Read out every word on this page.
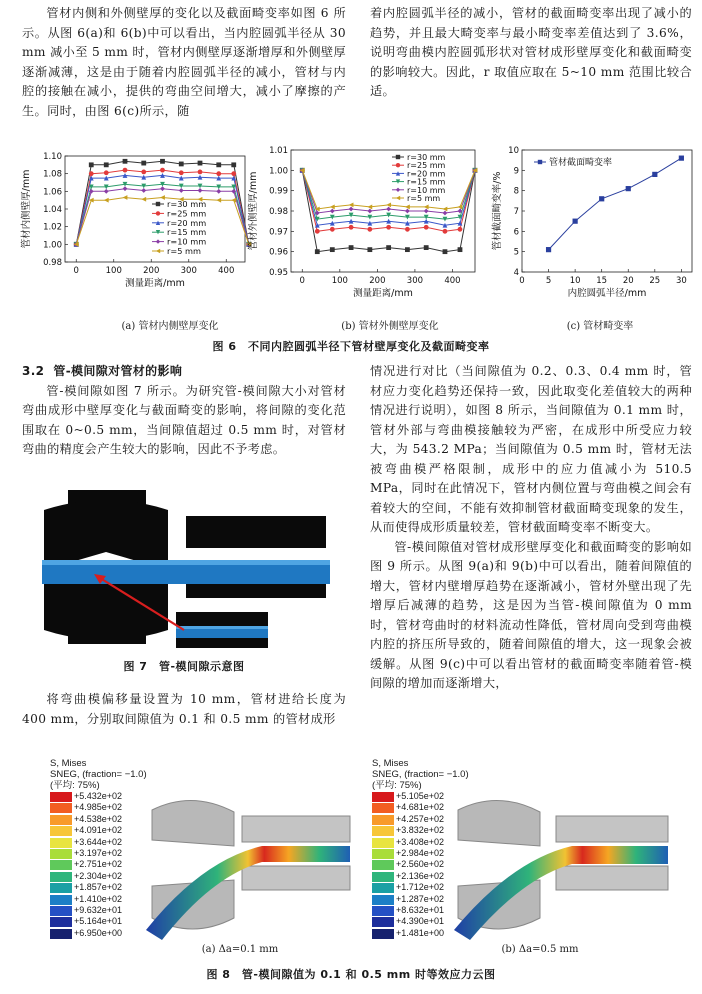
管材内侧和外侧壁厚的变化以及截面畸变率如图 6 所示。从图 6(a)和 6(b)中可以看出，当内腔圆弧半径从 30 mm 减小至 5 mm 时，管材内侧壁厚逐渐增厚和外侧壁厚逐渐减薄，这是由于随着内腔圆弧半径的减小，管材与内腔的接触在减小，提供的弯曲空间增大，减小了摩擦的产生。同时，由图 6(c)所示，随

着内腔圆弧半径的减小，管材的截面畸变率出现了减小的趋势，并且最大畸变率与最小畸变率差值达到了 3.6%，说明弯曲模内腔圆弧形状对管材成形壁厚变化和截面畸变的影响较大。因此，r 取值应取在 5~10 mm 范围比较合适。

0.98
1.00
1.02
1.04
1.06
1.08
1.10
0	100	200	300	400
测量距离/mm
管材内侧壁厚/mm	r=30 mm
r=25 mm
r=20 mm
r=15 mm
r=10 mm
r=5 mm
0.95
0.96
0.97
0.98
0.99
1.00
1.01
0	100	200	300	400
测量距离/mm
管材外侧壁厚/mm
r=30 mm
r=25 mm
r=20 mm
r=15 mm
r=10 mm
r=5 mm
4
5
6
7
8
9
10
0 5 10 15 20 25 30
内腔圆弧半径/mm
管材截面畸变率/%
管材截面畸变率
(a) 管材内侧壁厚变化	(b) 管材外侧壁厚变化	(c) 管材畸变率
图 6　不同内腔圆弧半径下管材壁厚变化及截面畸变率

3.2 管-模间隙对管材的影响

管-模间隙如图 7 所示。为研究管-模间隙大小对管材弯曲成形中壁厚变化与截面畸变的影响，将间隙的变化范围取在 0~0.5 mm，当间隙值超过 0.5 mm 时，对管材弯曲的精度会产生较大的影响，因此不予考虑。

图 7　管-模间隙示意图

将弯曲模偏移量设置为 10 mm，管材进给长度为 400 mm，分别取间隙值为 0.1 和 0.5 mm 的管材成形

情况进行对比（当间隙值为 0.2、0.3、0.4 mm 时，管材应力变化趋势还保持一致，因此取变化差值较大的两种情况进行说明），如图 8 所示，当间隙值为 0.1 mm 时，管材外部与弯曲模接触较为严密，在成形中所受应力较大，为 543.2 MPa；当间隙值为 0.5 mm 时，管材无法被弯曲模严格限制，成形中的应力值减小为 510.5 MPa，同时在此情况下，管材内侧位置与弯曲模之间会有着较大的空间，不能有效抑制管材截面畸变现象的发生，从而使得成形质量较差，管材截面畸变率不断变大。

管-模间隙值对管材成形壁厚变化和截面畸变的影响如图 9 所示。从图 9(a)和 9(b)中可以看出，随着间隙值的增大，管材内壁增厚趋势在逐渐减小，管材外壁出现了先增厚后减薄的趋势，这是因为当管-模间隙值为 0 mm 时，管材弯曲时的材料流动性降低，管材周向受到弯曲模内腔的挤压所导致的，随着间隙值的增大，这一现象会被缓解。从图 9(c)中可以看出管材的截面畸变率随着管-模间隙的增加而逐渐增大，

S, Mises
SNEG, (fraction= −1.0)
(平均: 75%)
+5.432e+02
+4.985e+02
+4.538e+02
+4.091e+02
+3.644e+02
+3.197e+02
+2.751e+02
+2.304e+02
+1.857e+02
+1.410e+02
+9.632e+01
+5.164e+01
+6.950e+00
S, Mises
SNEG, (fraction= −1.0)
(平均: 75%)
+5.105e+02
+4.681e+02
+4.257e+02
+3.832e+02
+3.408e+02
+2.984e+02
+2.560e+02
+2.136e+02
+1.712e+02
+1.287e+02
+8.632e+01
+4.390e+01
+1.481e+00
(a) Δa=0.1 mm	(b) Δa=0.5 mm
图 8　管-模间隙值为 0.1 和 0.5 mm 时等效应力云图
